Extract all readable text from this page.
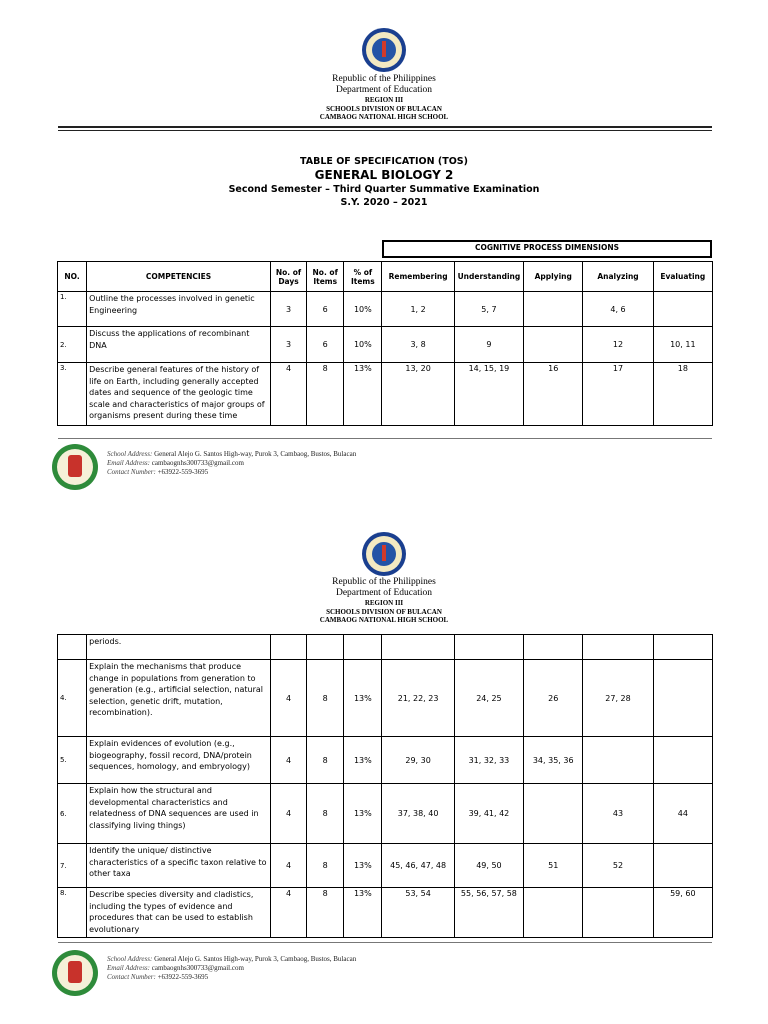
Republic of the Philippines
Department of Education
REGION III
SCHOOLS DIVISION OF BULACAN
CAMBAOG NATIONAL HIGH SCHOOL
TABLE OF SPECIFICATION (TOS)
GENERAL BIOLOGY 2
Second Semester – Third Quarter Summative Examination
S.Y. 2020 – 2021
COGNITIVE PROCESS DIMENSIONS
NO.	COMPETENCIES	No. of Days	No. of Items	% of Items	Remembering	Understanding	Applying	Analyzing	Evaluating
1.	Outline the processes involved in genetic Engineering	3	6	10%	1, 2	5, 7		4, 6	
2.	Discuss the applications of recombinant DNA	3	6	10%	3, 8	9		12	10, 11
3.	Describe general features of the history of life on Earth, including generally accepted dates and sequence of the geologic time scale and characteristics of major groups of organisms present during these time	4	8	13%	13, 20	14, 15, 19	16	17	18
School Address: General Alejo G. Santos High-way, Purok 3, Cambaog, Bustos, Bulacan
Email Address: cambaognhs300733@gmail.com
Contact Number: +63922-559-3695
Republic of the Philippines
Department of Education
REGION III
SCHOOLS DIVISION OF BULACAN
CAMBAOG NATIONAL HIGH SCHOOL
	periods.								
4.	Explain the mechanisms that produce change in populations from generation to generation (e.g., artificial selection, natural selection, genetic drift, mutation, recombination).	4	8	13%	21, 22, 23	24, 25	26	27, 28	
5.	Explain evidences of evolution (e.g., biogeography, fossil record, DNA/protein sequences, homology, and embryology)	4	8	13%	29, 30	31, 32, 33	34, 35, 36		
6.	Explain how the structural and developmental characteristics and relatedness of DNA sequences are used in classifying living things)	4	8	13%	37, 38, 40	39, 41, 42		43	44
7.	Identify the unique/ distinctive characteristics of a specific taxon relative to other taxa	4	8	13%	45, 46, 47, 48	49, 50	51	52	
8.	Describe species diversity and cladistics, including the types of evidence and procedures that can be used to establish evolutionary	4	8	13%	53, 54	55, 56, 57, 58			59, 60
School Address: General Alejo G. Santos High-way, Purok 3, Cambaog, Bustos, Bulacan
Email Address: cambaognhs300733@gmail.com
Contact Number: +63922-559-3695
